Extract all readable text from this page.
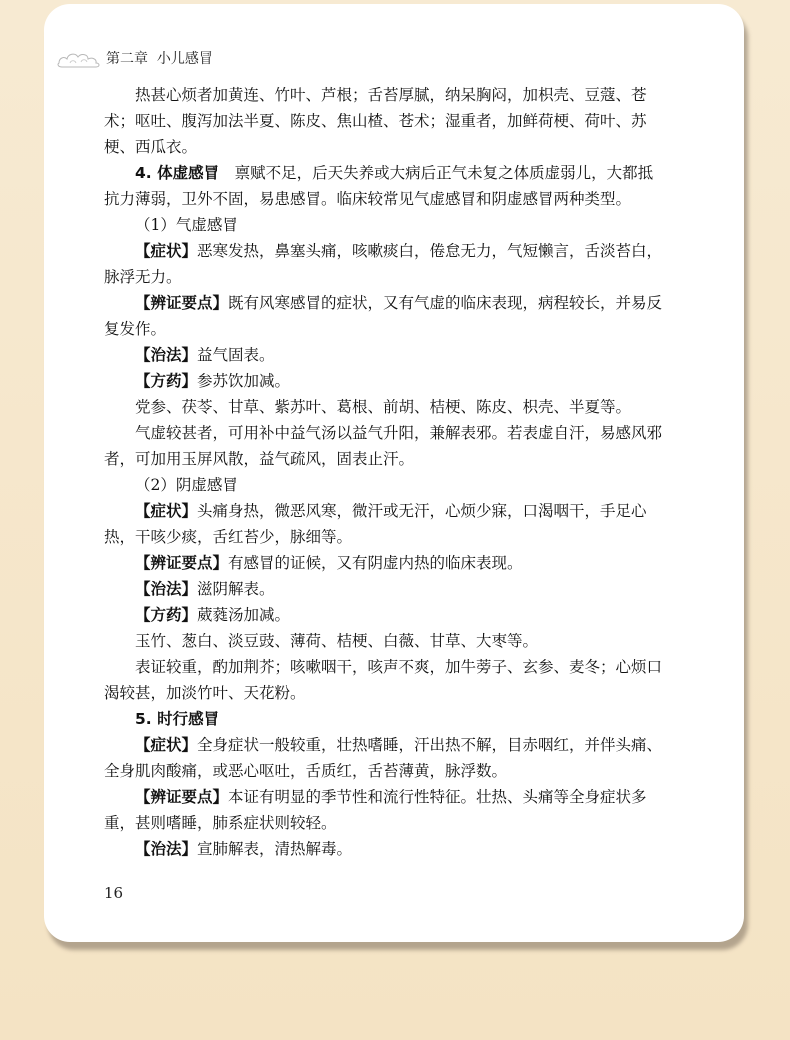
第二章 小儿感冒

热甚心烦者加黄连、竹叶、芦根；舌苔厚腻，纳呆胸闷，加枳壳、豆蔻、苍术；呕吐、腹泻加法半夏、陈皮、焦山楂、苍术；湿重者，加鲜荷梗、荷叶、苏梗、西瓜衣。

4. 体虚感冒　 禀赋不足，后天失养或大病后正气未复之体质虚弱儿，大都抵抗力薄弱，卫外不固，易患感冒。临床较常见气虚感冒和阴虚感冒两种类型。

（1）气虚感冒

【症状】恶寒发热，鼻塞头痛，咳嗽痰白，倦怠无力，气短懒言，舌淡苔白，脉浮无力。

【辨证要点】既有风寒感冒的症状，又有气虚的临床表现，病程较长，并易反复发作。

【治法】益气固表。

【方药】参苏饮加减。

党参、茯苓、甘草、紫苏叶、葛根、前胡、桔梗、陈皮、枳壳、半夏等。

气虚较甚者，可用补中益气汤以益气升阳，兼解表邪。若表虚自汗，易感风邪者，可加用玉屏风散，益气疏风，固表止汗。

（2）阴虚感冒

【症状】头痛身热，微恶风寒，微汗或无汗，心烦少寐，口渴咽干，手足心热，干咳少痰，舌红苔少，脉细等。

【辨证要点】有感冒的证候，又有阴虚内热的临床表现。

【治法】滋阴解表。

【方药】葳蕤汤加减。

玉竹、葱白、淡豆豉、薄荷、桔梗、白薇、甘草、大枣等。

表证较重，酌加荆芥；咳嗽咽干，咳声不爽，加牛蒡子、玄参、麦冬；心烦口渴较甚，加淡竹叶、天花粉。

5. 时行感冒

【症状】全身症状一般较重，壮热嗜睡，汗出热不解，目赤咽红，并伴头痛、全身肌肉酸痛，或恶心呕吐，舌质红，舌苔薄黄，脉浮数。

【辨证要点】本证有明显的季节性和流行性特征。壮热、头痛等全身症状多重，甚则嗜睡，肺系症状则较轻。

【治法】宣肺解表，清热解毒。

16
